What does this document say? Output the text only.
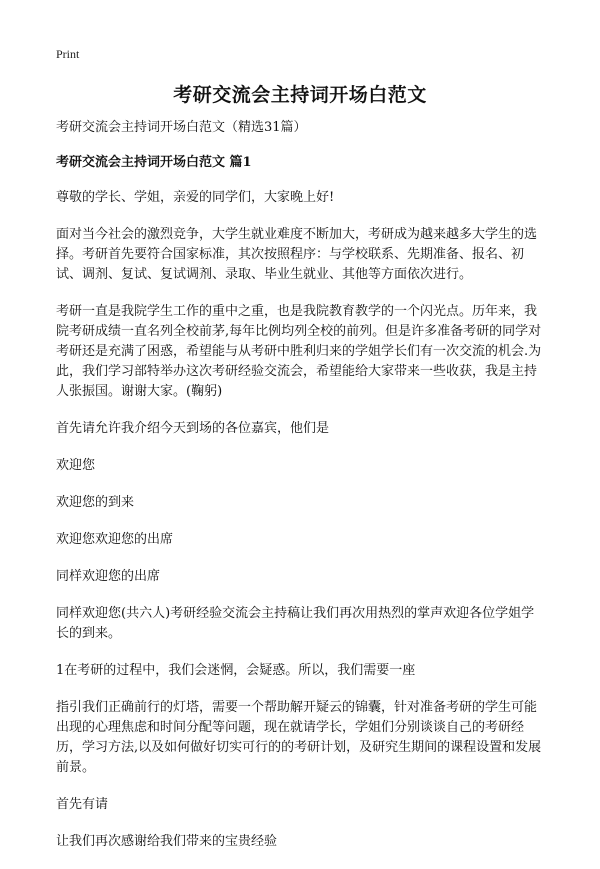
Print
考研交流会主持词开场白范文

考研交流会主持词开场白范文（精选31篇）

考研交流会主持词开场白范文 篇1

尊敬的学长、学姐，亲爱的同学们，大家晚上好!

面对当今社会的激烈竞争，大学生就业难度不断加大，考研成为越来越多大学生的选择。考研首先要符合国家标准，其次按照程序：与学校联系、先期准备、报名、初试、调剂、复试、复试调剂、录取、毕业生就业、其他等方面依次进行。

考研一直是我院学生工作的重中之重，也是我院教育教学的一个闪光点。历年来，我院考研成绩一直名列全校前茅,每年比例均列全校的前列。但是许多准备考研的同学对考研还是充满了困惑，希望能与从考研中胜利归来的学姐学长们有一次交流的机会.为此，我们学习部特举办这次考研经验交流会，希望能给大家带来一些收获，我是主持人张振国。谢谢大家。(鞠躬)

首先请允许我介绍今天到场的各位嘉宾，他们是

欢迎您

欢迎您的到来

欢迎您欢迎您的出席

同样欢迎您的出席

同样欢迎您(共六人)考研经验交流会主持稿让我们再次用热烈的掌声欢迎各位学姐学长的到来。

1在考研的过程中，我们会迷惘，会疑惑。所以，我们需要一座

指引我们正确前行的灯塔，需要一个帮助解开疑云的锦囊，针对准备考研的学生可能出现的心理焦虑和时间分配等问题，现在就请学长，学姐们分别谈谈自己的考研经历，学习方法,以及如何做好切实可行的的考研计划，及研究生期间的课程设置和发展前景。

首先有请

让我们再次感谢给我们带来的宝贵经验
